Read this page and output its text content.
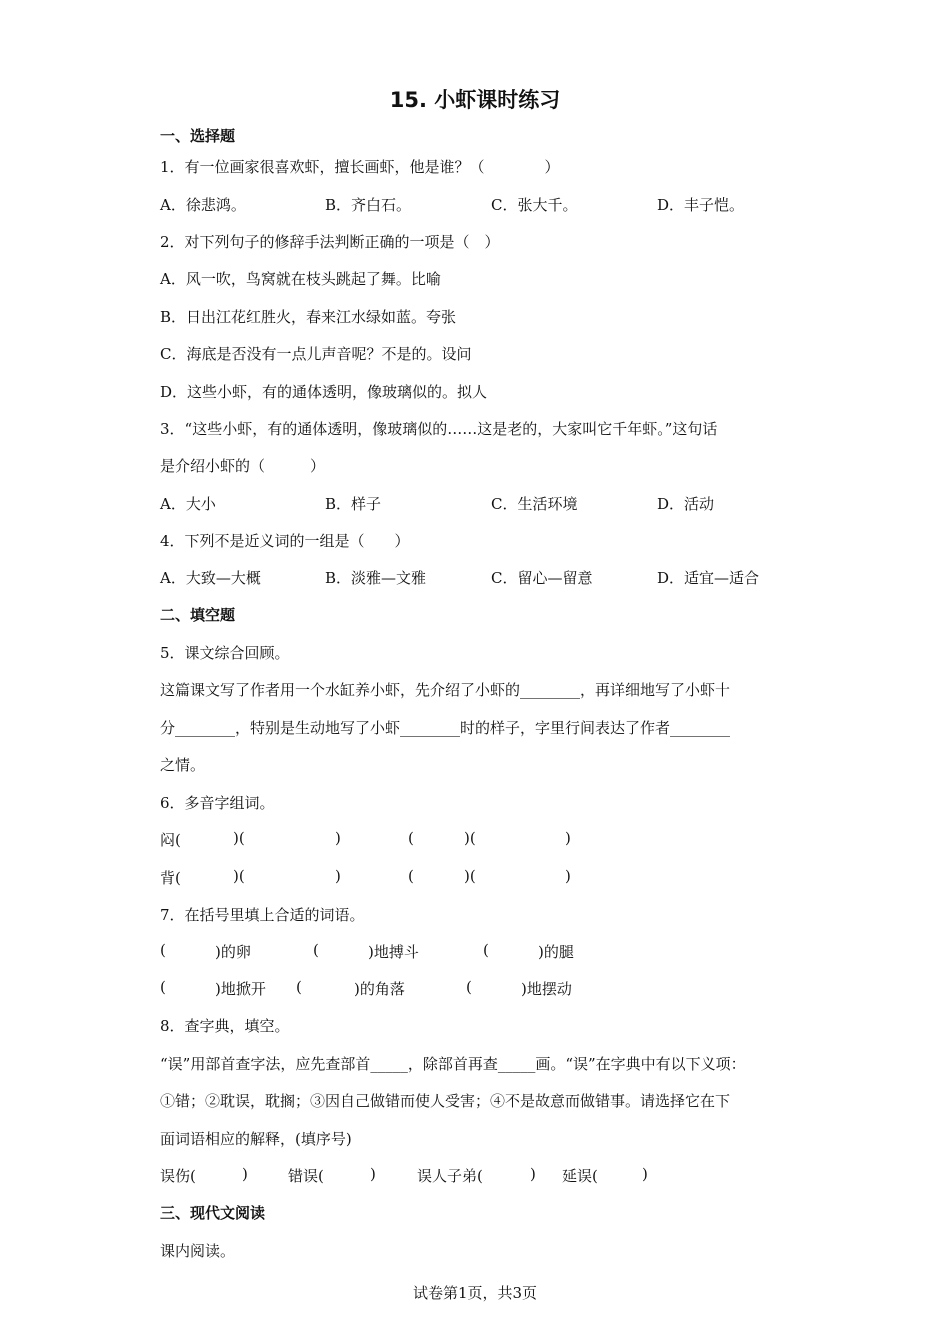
15. 小虾课时练习
一、选择题
1．有一位画家很喜欢虾，擅长画虾，他是谁？（　　　　）
A．徐悲鸿。	B．齐白石。	C．张大千。	D．丰子恺。
2．对下列句子的修辞手法判断正确的一项是（　）
A．风一吹，鸟窝就在枝头跳起了舞。比喻
B．日出江花红胜火，春来江水绿如蓝。夸张
C．海底是否没有一点儿声音呢？不是的。设问
D．这些小虾，有的通体透明，像玻璃似的。拟人
3．“这些小虾，有的通体透明，像玻璃似的……这是老的，大家叫它千年虾。”这句话
是介绍小虾的（　　　）
A．大小	B．样子	C．生活环境	D．活动
4．下列不是近义词的一组是（　　）
A．大致—大概	B．淡雅—文雅	C．留心—留意	D．适宜—适合
二、填空题
5．课文综合回顾。
这篇课文写了作者用一个水缸养小虾，先介绍了小虾的________，再详细地写了小虾十
分________，特别是生动地写了小虾________时的样子，字里行间表达了作者________
之情。
6．多音字组词。

闷(

	)(

	)

	(

	)(

	)

背(

	)(

	)

	(

	)(

	)

7．在括号里填上合适的词语。

(

	)的卵

	(

	)地搏斗

	(

	)的腿

(

	)地掀开

(

	)的角落

	(

	)地摆动

8．查字典，填空。
“误”用部首查字法，应先查部首_____，除部首再查_____画。“误”在字典中有以下义项：
①错；②耽误，耽搁；③因自己做错而使人受害；④不是故意而做错事。请选择它在下
面词语相应的解释，(填序号)

误伤(

	)

	错误(

	)

	误人子弟(

	)

延误(

	)

三、现代文阅读
课内阅读。
试卷第1页，共3页
